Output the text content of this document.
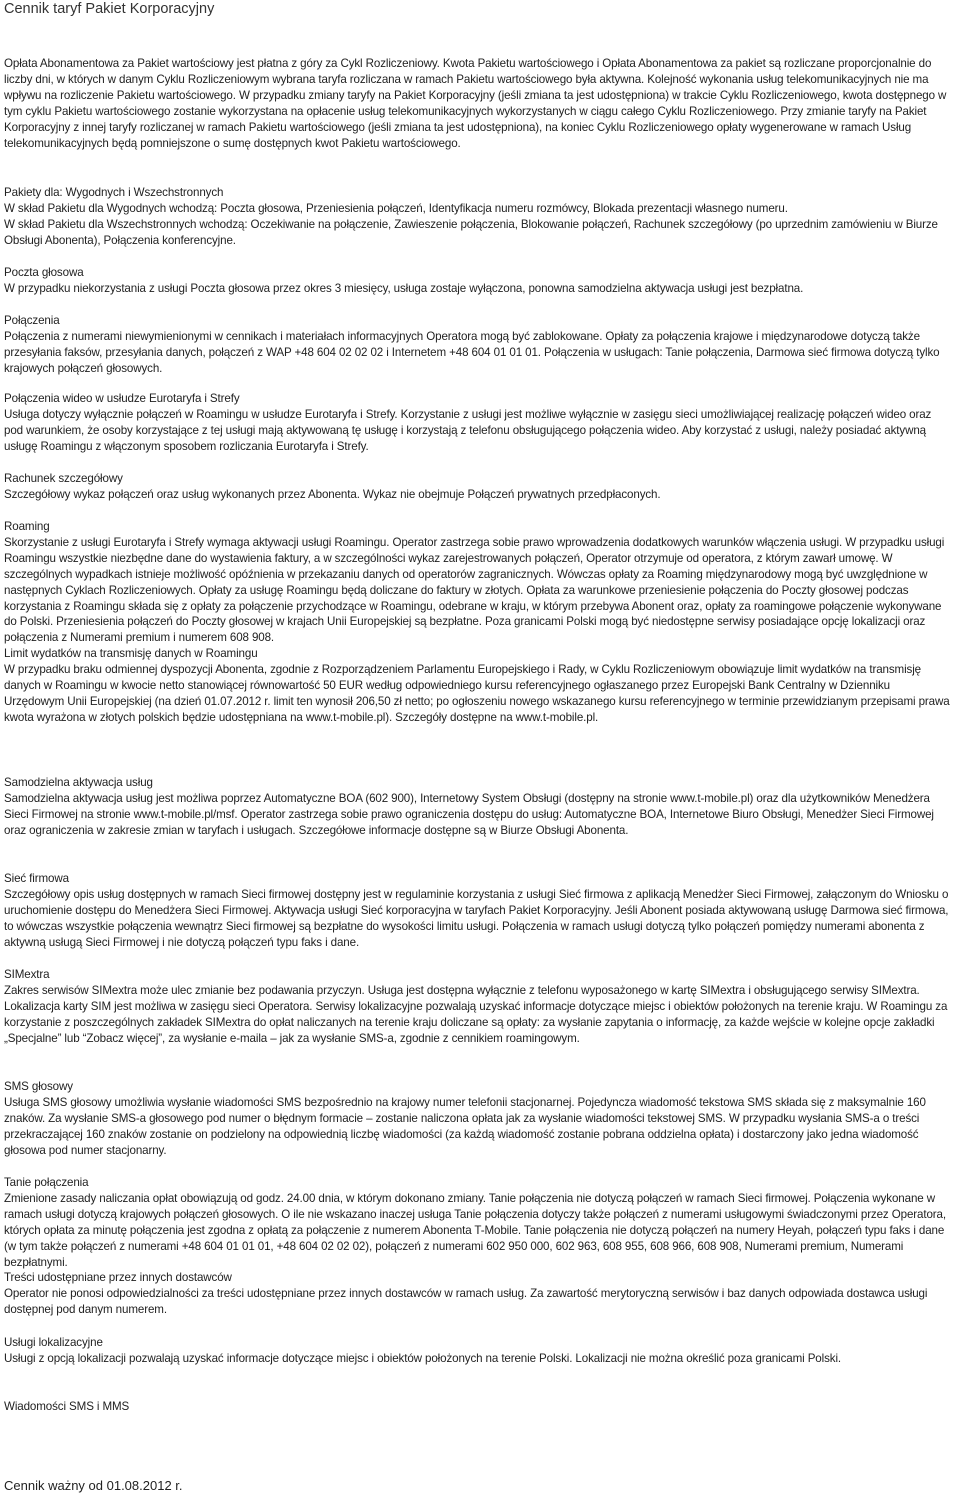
Cennik taryf Pakiet Korporacyjny

Opłata Abonamentowa za Pakiet wartościowy jest płatna z góry za Cykl Rozliczeniowy. Kwota Pakietu wartościowego i Opłata Abonamentowa za pakiet są rozliczane proporcjonalnie do liczby dni, w których w danym Cyklu Rozliczeniowym wybrana taryfa rozliczana w ramach Pakietu wartościowego była aktywna. Kolejność wykonania usług telekomunikacyjnych nie ma wpływu na rozliczenie Pakietu wartościowego. W przypadku zmiany taryfy na Pakiet Korporacyjny (jeśli zmiana ta jest udostępniona) w trakcie Cyklu Rozliczeniowego, kwota dostępnego w tym cyklu Pakietu wartościowego zostanie wykorzystana na opłacenie usług telekomunikacyjnych wykorzystanych w ciągu całego Cyklu Rozliczeniowego. Przy zmianie taryfy na Pakiet Korporacyjny z innej taryfy rozliczanej w ramach Pakietu wartościowego (jeśli zmiana ta jest udostępniona), na koniec Cyklu Rozliczeniowego opłaty wygenerowane w ramach Usług telekomunikacyjnych będą pomniejszone o sumę dostępnych kwot Pakietu wartościowego.

Pakiety dla: Wygodnych i Wszechstronnych

W skład Pakietu dla Wygodnych wchodzą: Poczta głosowa, Przeniesienia połączeń, Identyfikacja numeru rozmówcy, Blokada prezentacji własnego numeru.

W skład Pakietu dla Wszechstronnych wchodzą: Oczekiwanie na połączenie, Zawieszenie połączenia, Blokowanie połączeń, Rachunek szczegółowy (po uprzednim zamówieniu w Biurze Obsługi Abonenta), Połączenia konferencyjne.

Poczta głosowa

W przypadku niekorzystania z usługi Poczta głosowa przez okres 3 miesięcy, usługa zostaje wyłączona, ponowna samodzielna aktywacja usługi jest bezpłatna.

Połączenia

Połączenia z numerami niewymienionymi w cennikach i materiałach informacyjnych Operatora mogą być zablokowane. Opłaty za połączenia krajowe i międzynarodowe dotyczą także przesyłania faksów, przesyłania danych, połączeń z WAP +48 604 02 02 02 i Internetem +48 604 01 01 01. Połączenia w usługach: Tanie połączenia, Darmowa sieć firmowa dotyczą tylko krajowych połączeń głosowych.

Połączenia wideo w usłudze Eurotaryfa i Strefy

Usługa dotyczy wyłącznie połączeń w Roamingu w usłudze Eurotaryfa i Strefy. Korzystanie z usługi jest możliwe wyłącznie w zasięgu sieci umożliwiającej realizację połączeń wideo oraz pod warunkiem, że osoby korzystające z tej usługi mają aktywowaną tę usługę i korzystają z telefonu obsługującego połączenia wideo. Aby korzystać z usługi, należy posiadać aktywną usługę Roamingu z włączonym sposobem rozliczania Eurotaryfa i Strefy.

Rachunek szczegółowy

Szczegółowy wykaz połączeń oraz usług wykonanych przez Abonenta. Wykaz nie obejmuje Połączeń prywatnych przedpłaconych.

Roaming

Skorzystanie z usługi Eurotaryfa i Strefy wymaga aktywacji usługi Roamingu. Operator zastrzega sobie prawo wprowadzenia dodatkowych warunków włączenia usługi. W przypadku usługi Roamingu wszystkie niezbędne dane do wystawienia faktury, a w szczególności wykaz zarejestrowanych połączeń, Operator otrzymuje od operatora, z którym zawarł umowę. W szczególnych wypadkach istnieje możliwość opóźnienia w przekazaniu danych od operatorów zagranicznych. Wówczas opłaty za Roaming międzynarodowy mogą być uwzględnione w następnych Cyklach Rozliczeniowych. Opłaty za usługę Roamingu będą doliczane do faktury w złotych. Opłata za warunkowe przeniesienie połączenia do Poczty głosowej podczas korzystania z Roamingu składa się z opłaty za połączenie przychodzące w Roamingu, odebrane w kraju, w którym przebywa Abonent oraz, opłaty za roamingowe połączenie wykonywane do Polski. Przeniesienia połączeń do Poczty głosowej w krajach Unii Europejskiej są bezpłatne. Poza granicami Polski mogą być niedostępne serwisy posiadające opcję lokalizacji oraz połączenia z Numerami premium i numerem 608 908.

Limit wydatków na transmisję danych w Roamingu

W przypadku braku odmiennej dyspozycji Abonenta, zgodnie z Rozporządzeniem Parlamentu Europejskiego i Rady, w Cyklu Rozliczeniowym obowiązuje limit wydatków na transmisję danych w Roamingu w kwocie netto stanowiącej równowartość 50 EUR według odpowiedniego kursu referencyjnego ogłaszanego przez Europejski Bank Centralny w Dzienniku Urzędowym Unii Europejskiej (na dzień 01.07.2012 r. limit ten wynosił 206,50 zł netto; po ogłoszeniu nowego wskazanego kursu referencyjnego w terminie przewidzianym przepisami prawa kwota wyrażona w złotych polskich będzie udostępniana na www.t-mobile.pl). Szczegóły dostępne na www.t-mobile.pl.

Samodzielna aktywacja usług

Samodzielna aktywacja usług jest możliwa poprzez Automatyczne BOA (602 900), Internetowy System Obsługi (dostępny na stronie www.t-mobile.pl) oraz dla użytkowników Menedżera Sieci Firmowej na stronie www.t-mobile.pl/msf. Operator zastrzega sobie prawo ograniczenia dostępu do usług: Automatyczne BOA, Internetowe Biuro Obsługi, Menedżer Sieci Firmowej oraz ograniczenia w zakresie zmian w taryfach i usługach. Szczegółowe informacje dostępne są w Biurze Obsługi Abonenta.

Sieć firmowa

Szczegółowy opis usług dostępnych w ramach Sieci firmowej dostępny jest w regulaminie korzystania z usługi Sieć firmowa z aplikacją Menedżer Sieci Firmowej, załączonym do Wniosku o uruchomienie dostępu do Menedżera Sieci Firmowej. Aktywacja usługi Sieć korporacyjna w taryfach Pakiet Korporacyjny. Jeśli Abonent posiada aktywowaną usługę Darmowa sieć firmowa, to wówczas wszystkie połączenia wewnątrz Sieci firmowej są bezpłatne do wysokości limitu usługi. Połączenia w ramach usługi dotyczą tylko połączeń pomiędzy numerami abonenta z aktywną usługą Sieci Firmowej i nie dotyczą połączeń typu faks i dane.

SIMextra

Zakres serwisów SIMextra może ulec zmianie bez podawania przyczyn. Usługa jest dostępna wyłącznie z telefonu wyposażonego w kartę SIMextra i obsługującego serwisy SIMextra. Lokalizacja karty SIM jest możliwa w zasięgu sieci Operatora. Serwisy lokalizacyjne pozwalają uzyskać informacje dotyczące miejsc i obiektów położonych na terenie kraju. W Roamingu za korzystanie z poszczególnych zakładek SIMextra do opłat naliczanych na terenie kraju doliczane są opłaty: za wysłanie zapytania o informację, za każde wejście w kolejne opcje zakładki „Specjalne” lub “Zobacz więcej”, za wysłanie e-maila – jak za wysłanie SMS-a, zgodnie z cennikiem roamingowym.

SMS głosowy

Usługa SMS głosowy umożliwia wysłanie wiadomości SMS bezpośrednio na krajowy numer telefonii stacjonarnej. Pojedyncza wiadomość tekstowa SMS składa się z maksymalnie 160 znaków. Za wysłanie SMS-a głosowego pod numer o błędnym formacie – zostanie naliczona opłata jak za wysłanie wiadomości tekstowej SMS. W przypadku wysłania SMS-a o treści przekraczającej 160 znaków zostanie on podzielony na odpowiednią liczbę wiadomości (za każdą wiadomość zostanie pobrana oddzielna opłata) i dostarczony jako jedna wiadomość głosowa pod numer stacjonarny.

Tanie połączenia

Zmienione zasady naliczania opłat obowiązują od godz. 24.00 dnia, w którym dokonano zmiany. Tanie połączenia nie dotyczą połączeń w ramach Sieci firmowej. Połączenia wykonane w ramach usługi dotyczą krajowych połączeń głosowych. O ile nie wskazano inaczej usługa Tanie połączenia dotyczy także połączeń z numerami usługowymi świadczonymi przez Operatora, których opłata za minutę połączenia jest zgodna z opłatą za połączenie z numerem Abonenta T-Mobile. Tanie połączenia nie dotyczą połączeń na numery Heyah, połączeń typu faks i dane (w tym także połączeń z numerami +48 604 01 01 01, +48 604 02 02 02), połączeń z numerami 602 950 000, 602 963, 608 955, 608 966, 608 908, Numerami premium, Numerami bezpłatnymi.

Treści udostępniane przez innych dostawców

Operator nie ponosi odpowiedzialności za treści udostępniane przez innych dostawców w ramach usług. Za zawartość merytoryczną serwisów i baz danych odpowiada dostawca usługi dostępnej pod danym numerem.

Usługi lokalizacyjne

Usługi z opcją lokalizacji pozwalają uzyskać informacje dotyczące miejsc i obiektów położonych na terenie Polski. Lokalizacji nie można określić poza granicami Polski.

Wiadomości SMS i MMS

Cennik ważny od 01.08.2012 r.
